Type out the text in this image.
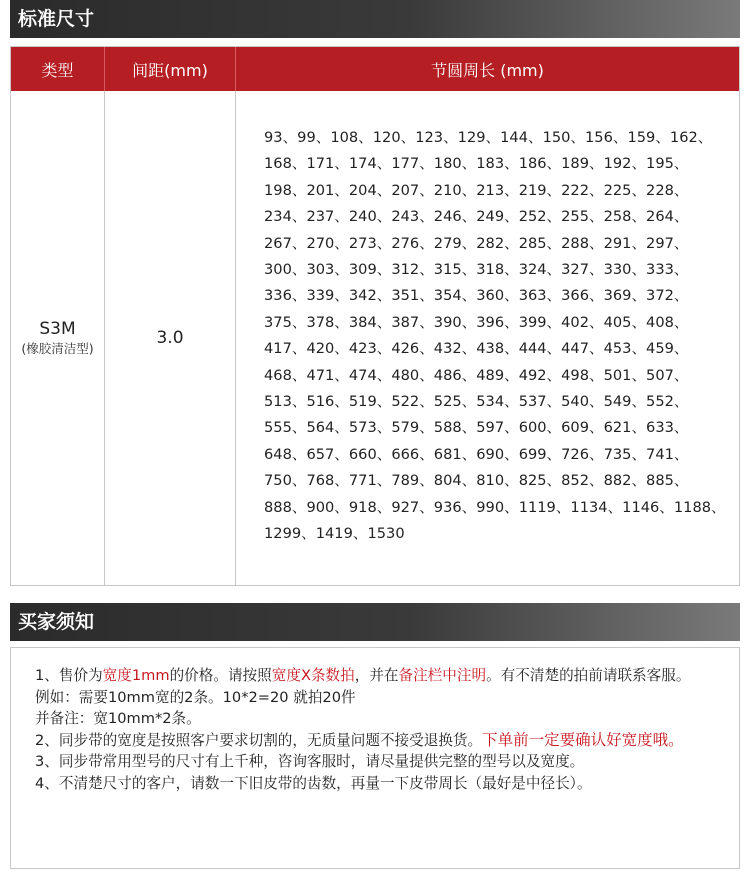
标准尺寸
类型	间距(mm)	节圆周长 (mm)
S3M
(橡胶清洁型)
3.0
93、99、108、120、123、129、144、150、156、159、162、168、171、174、177、180、183、186、189、192、195、198、201、204、207、210、213、219、222、225、228、234、237、240、243、246、249、252、255、258、264、267、270、273、276、279、282、285、288、291、297、300、303、309、312、315、318、324、327、330、333、336、339、342、351、354、360、363、366、369、372、375、378、384、387、390、396、399、402、405、408、417、420、423、426、432、438、444、447、453、459、468、471、474、480、486、489、492、498、501、507、513、516、519、522、525、534、537、540、549、552、555、564、573、579、588、597、600、609、621、633、648、657、660、666、681、690、699、726、735、741、750、768、771、789、804、810、825、852、882、885、888、900、918、927、936、990、1119、1134、1146、1188、1299、1419、1530
买家须知

1、售价为宽度1mm的价格。请按照宽度X条数拍，并在备注栏中注明。有不清楚的拍前请联系客服。

例如：需要10mm宽的2条。10*2=20 就拍20件

并备注：宽10mm*2条。

2、同步带的宽度是按照客户要求切割的，无质量问题不接受退换货。下单前一定要确认好宽度哦。

3、同步带常用型号的尺寸有上千种，咨询客服时，请尽量提供完整的型号以及宽度。

4、不清楚尺寸的客户，请数一下旧皮带的齿数，再量一下皮带周长（最好是中径长）。
